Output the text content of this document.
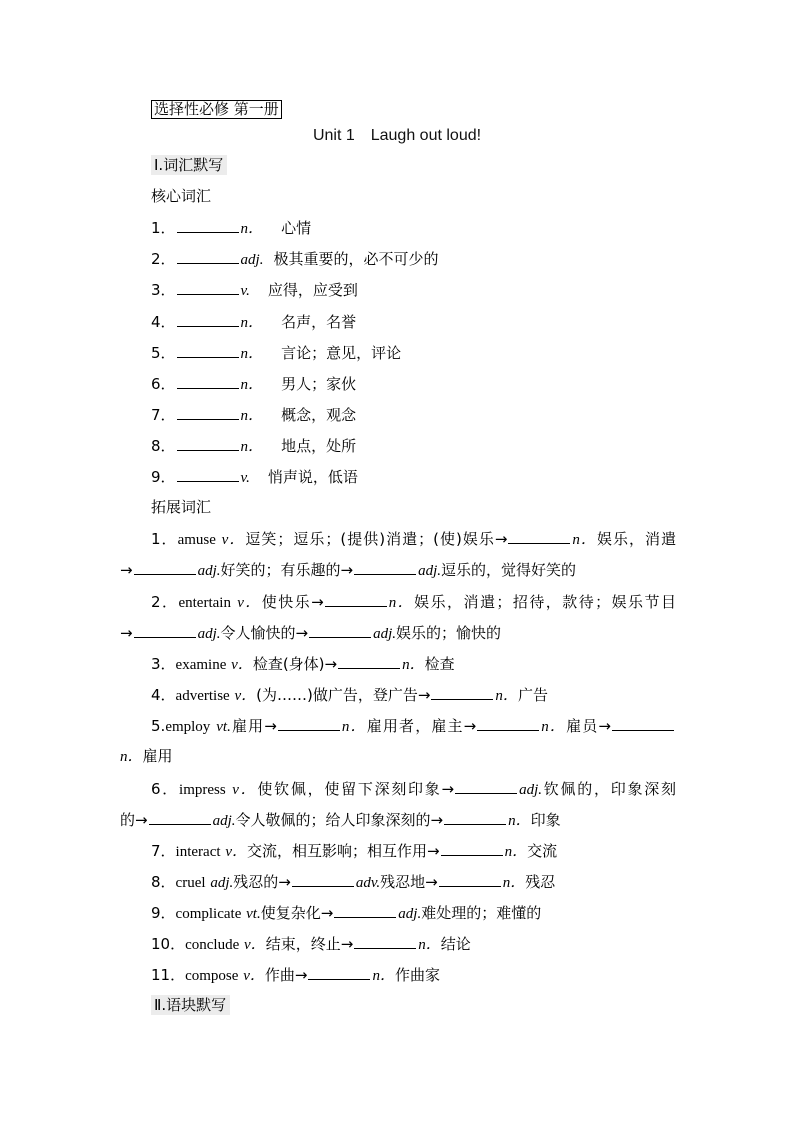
选择性必修 第一册
Unit 1　Laugh out loud!
Ⅰ.词汇默写
核心词汇
1．	n． 心情
2．	adj. 极其重要的，必不可少的
3．	v. 应得，应受到
4．	n． 名声，名誉
5．	n． 言论；意见，评论
6．	n． 男人；家伙
7．	n． 概念，观念
8．	n． 地点，处所
9．	v. 悄声说，低语
拓展词汇
1．amuse v．逗笑；逗乐；(提供)消遣；(使)娱乐→	n．娱乐，消遣
→	adj.好笑的；有乐趣的→	adj.逗乐的，觉得好笑的
2．entertain v．使快乐→	n．娱乐，消遣；招待，款待；娱乐节目
→	adj.令人愉快的→	adj.娱乐的；愉快的
3．examine v．检查(身体)→	n．检查
4．advertise v．(为……)做广告，登广告→	n．广告
5.employ vt.雇用→	n．雇用者，雇主→	n．雇员→
n．雇用
6．impress v．使钦佩，使留下深刻印象→	adj.钦佩的，印象深刻
的→	adj.令人敬佩的；给人印象深刻的→	n．印象
7．interact v．交流，相互影响；相互作用→	n．交流
8．cruel adj.残忍的→	adv.残忍地→	n．残忍
9．complicate vt.使复杂化→	adj.难处理的；难懂的
10．conclude v．结束，终止→	n．结论
11．compose v．作曲→	n．作曲家
Ⅱ.语块默写
